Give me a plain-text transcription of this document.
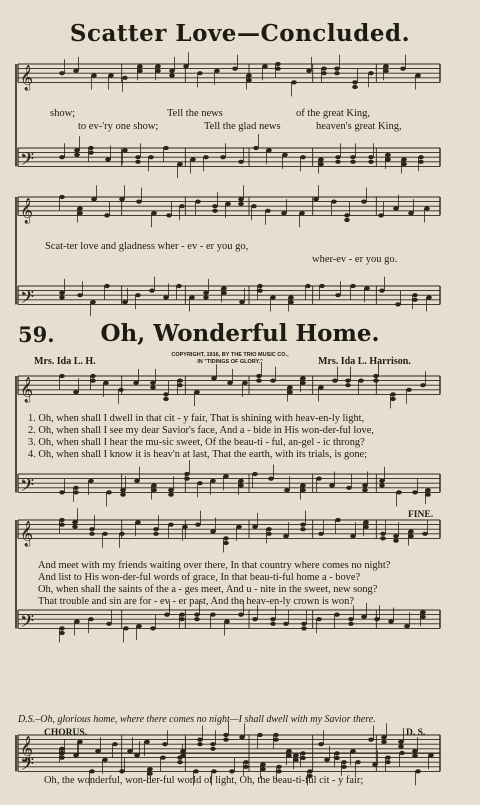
𝄞
𝄢
𝄞
𝄢
𝄞
𝄢
𝄞
𝄢
𝄞
𝄢
Scatter Love—Concluded.
show;
to ev-'ry one show;
Tell the news	of the great King,
Tell the glad news	heaven's great King,
Scat-ter love and gladness wher - ev - er you go,
wher-ev - er you go.
59.	Oh, Wonderful Home.
Mrs. Ida L. H.	Mrs. Ida L. Harrison.
COPYRIGHT, 1916, BY THE TRIO MUSIC CO.,
IN "TIDINGS OF GLORY."
1. Oh, when shall I dwell in that cit - y fair, That is shining with heav-en-ly light,
2. Oh, when shall I see my dear Savior's face, And a - bide in His won-der-ful love,
3. Oh, when shall I hear the mu-sic sweet, Of the beau-ti - ful, an-gel - ic throng?
4. Oh, when shall I know it is heav'n at last, That the earth, with its trials, is gone;
FINE.
And meet with my friends waiting over there, In that country where comes no night?
And list to His won-der-ful words of grace, In that beau-ti-ful home a - bove?
Oh, when shall the saints of the a - ges meet, And u - nite in the sweet, new song?
That trouble and sin are for - ev - er past, And the heav-en-ly crown is won?
D.S.–Oh, glorious home, where there comes no night—I shall dwell with my Savior there.
CHORUS.	D. S.
Oh, the wonderful, won-der-ful world of light, Oh, the beau-ti-ful cit - y fair;
